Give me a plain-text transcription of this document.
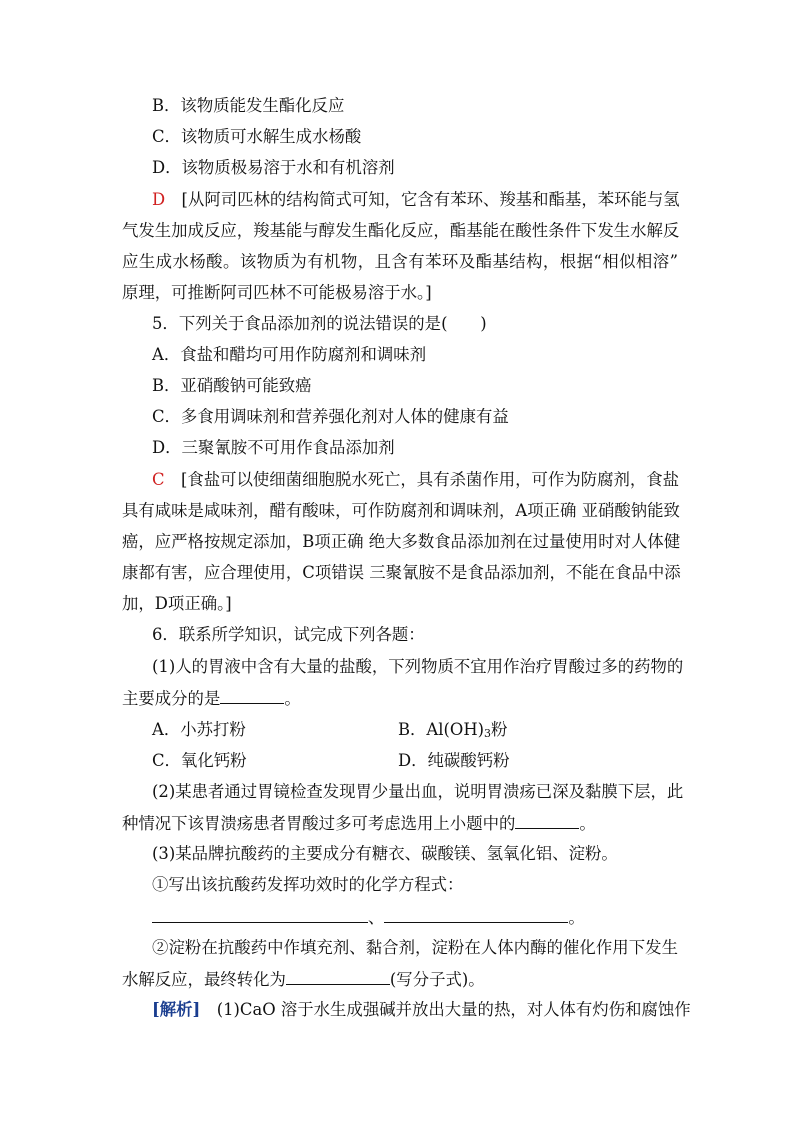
B．该物质能发生酯化反应
C．该物质可水解生成水杨酸
D．该物质极易溶于水和有机溶剂
D　 [从阿司匹林的结构简式可知，它含有苯环、羧基和酯基，苯环能与氢
气发生加成反应，羧基能与醇发生酯化反应，酯基能在酸性条件下发生水解反
应生成水杨酸。该物质为有机物，且含有苯环及酯基结构，根据“相似相溶”
原理，可推断阿司匹林不可能极易溶于水。]
5．下列关于食品添加剂的说法错误的是(　　)
A．食盐和醋均可用作防腐剂和调味剂
B．亚硝酸钠可能致癌
C．多食用调味剂和营养强化剂对人体的健康有益
D．三聚氰胺不可用作食品添加剂
C　 [食盐可以使细菌细胞脱水死亡，具有杀菌作用，可作为防腐剂，食盐
具有咸味是咸味剂，醋有酸味，可作防腐剂和调味剂，A项正确 亚硝酸钠能致
癌，应严格按规定添加，B项正确 绝大多数食品添加剂在过量使用时对人体健
康都有害，应合理使用，C项错误 三聚氰胺不是食品添加剂，不能在食品中添
加，D项正确。]
6．联系所学知识，试完成下列各题：
(1)人的胃液中含有大量的盐酸，下列物质不宜用作治疗胃酸过多的药物的
主要成分的是	。
A．小苏打粉	B．Al(OH)3粉
C．氧化钙粉	D．纯碳酸钙粉
(2)某患者通过胃镜检查发现胃少量出血，说明胃溃疡已深及黏膜下层，此
种情况下该胃溃疡患者胃酸过多可考虑选用上小题中的	。
(3)某品牌抗酸药的主要成分有糖衣、碳酸镁、氢氧化铝、淀粉。
①写出该抗酸药发挥功效时的化学方程式：
、	。
②淀粉在抗酸药中作填充剂、黏合剂，淀粉在人体内酶的催化作用下发生
水解反应，最终转化为	(写分子式)。
[解析]　 (1)CaO 溶于水生成强碱并放出大量的热，对人体有灼伤和腐蚀作
